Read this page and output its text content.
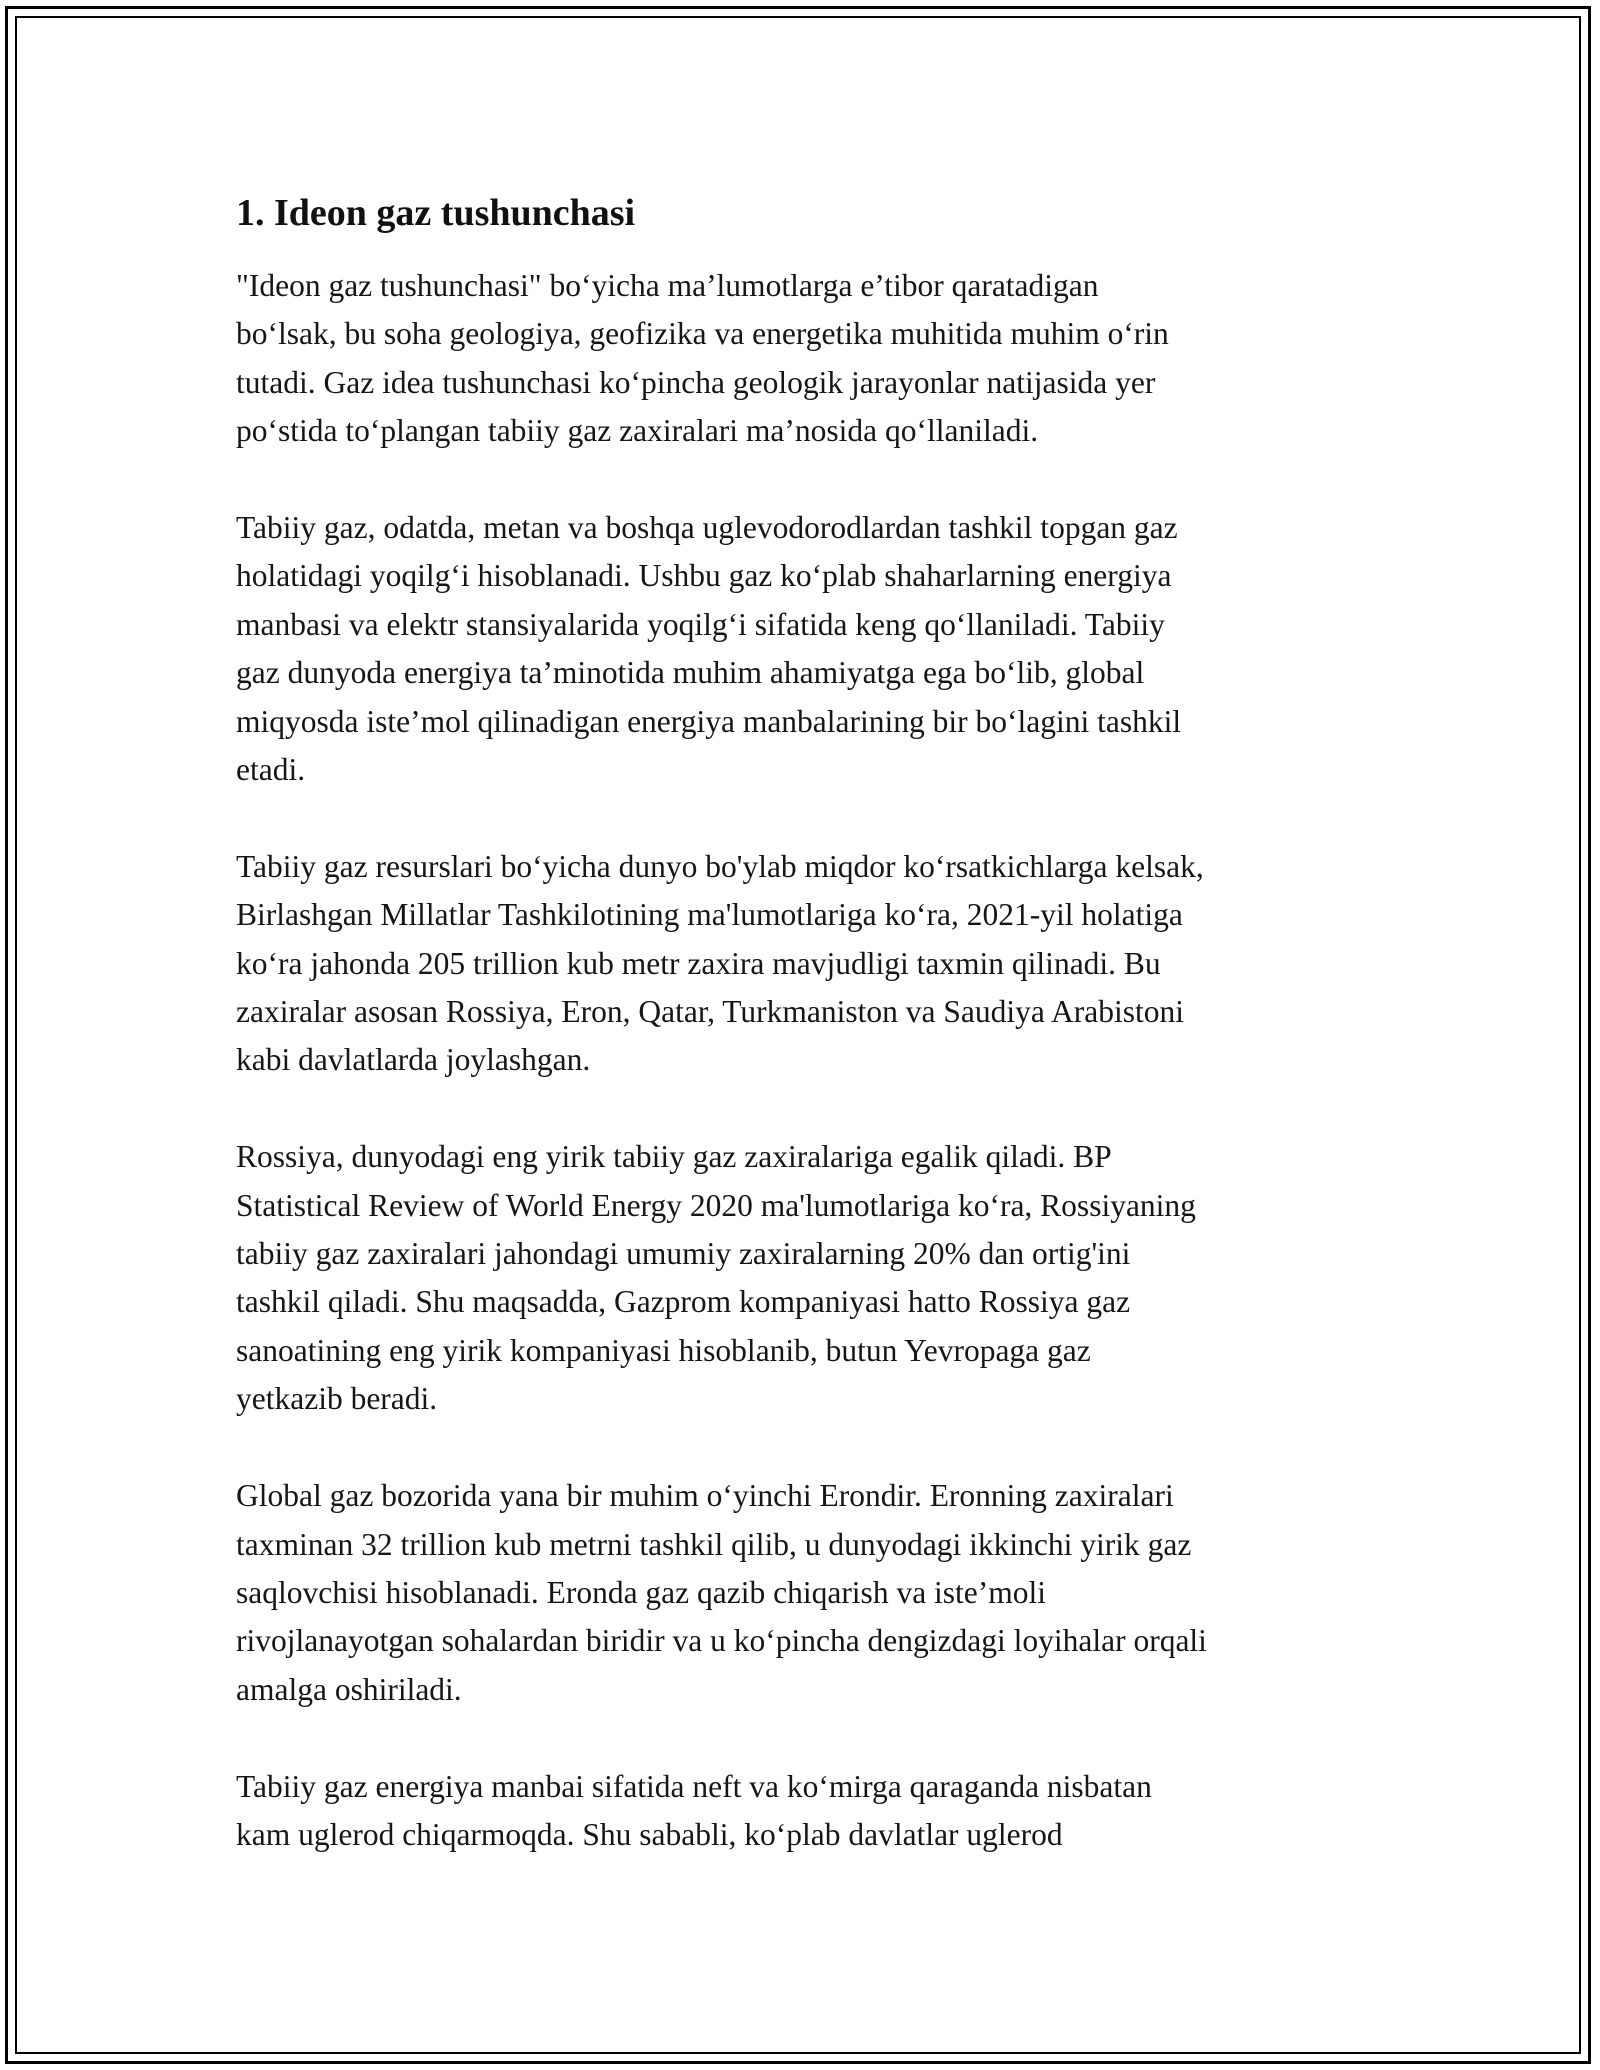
1. Ideon gaz tushunchasi
"Ideon gaz tushunchasi" bo‘yicha ma’lumotlarga e’tibor qaratadigan
bo‘lsak, bu soha geologiya, geofizika va energetika muhitida muhim o‘rin
tutadi. Gaz idea tushunchasi ko‘pincha geologik jarayonlar natijasida yer
po‘stida to‘plangan tabiiy gaz zaxiralari ma’nosida qo‘llaniladi.
Tabiiy gaz, odatda, metan va boshqa uglevodorodlardan tashkil topgan gaz
holatidagi yoqilg‘i hisoblanadi. Ushbu gaz ko‘plab shaharlarning energiya
manbasi va elektr stansiyalarida yoqilg‘i sifatida keng qo‘llaniladi. Tabiiy
gaz dunyoda energiya ta’minotida muhim ahamiyatga ega bo‘lib, global
miqyosda iste’mol qilinadigan energiya manbalarining bir bo‘lagini tashkil
etadi.
Tabiiy gaz resurslari bo‘yicha dunyo bo'ylab miqdor ko‘rsatkichlarga kelsak,
Birlashgan Millatlar Tashkilotining ma'lumotlariga ko‘ra, 2021-yil holatiga
ko‘ra jahonda 205 trillion kub metr zaxira mavjudligi taxmin qilinadi. Bu
zaxiralar asosan Rossiya, Eron, Qatar, Turkmaniston va Saudiya Arabistoni
kabi davlatlarda joylashgan.
Rossiya, dunyodagi eng yirik tabiiy gaz zaxiralariga egalik qiladi. BP
Statistical Review of World Energy 2020 ma'lumotlariga ko‘ra, Rossiyaning
tabiiy gaz zaxiralari jahondagi umumiy zaxiralarning 20% dan ortig'ini
tashkil qiladi. Shu maqsadda, Gazprom kompaniyasi hatto Rossiya gaz
sanoatining eng yirik kompaniyasi hisoblanib, butun Yevropaga gaz
yetkazib beradi.
Global gaz bozorida yana bir muhim o‘yinchi Erondir. Eronning zaxiralari
taxminan 32 trillion kub metrni tashkil qilib, u dunyodagi ikkinchi yirik gaz
saqlovchisi hisoblanadi. Eronda gaz qazib chiqarish va iste’moli
rivojlanayotgan sohalardan biridir va u ko‘pincha dengizdagi loyihalar orqali
amalga oshiriladi.
Tabiiy gaz energiya manbai sifatida neft va ko‘mirga qaraganda nisbatan
kam uglerod chiqarmoqda. Shu sababli, ko‘plab davlatlar uglerod
